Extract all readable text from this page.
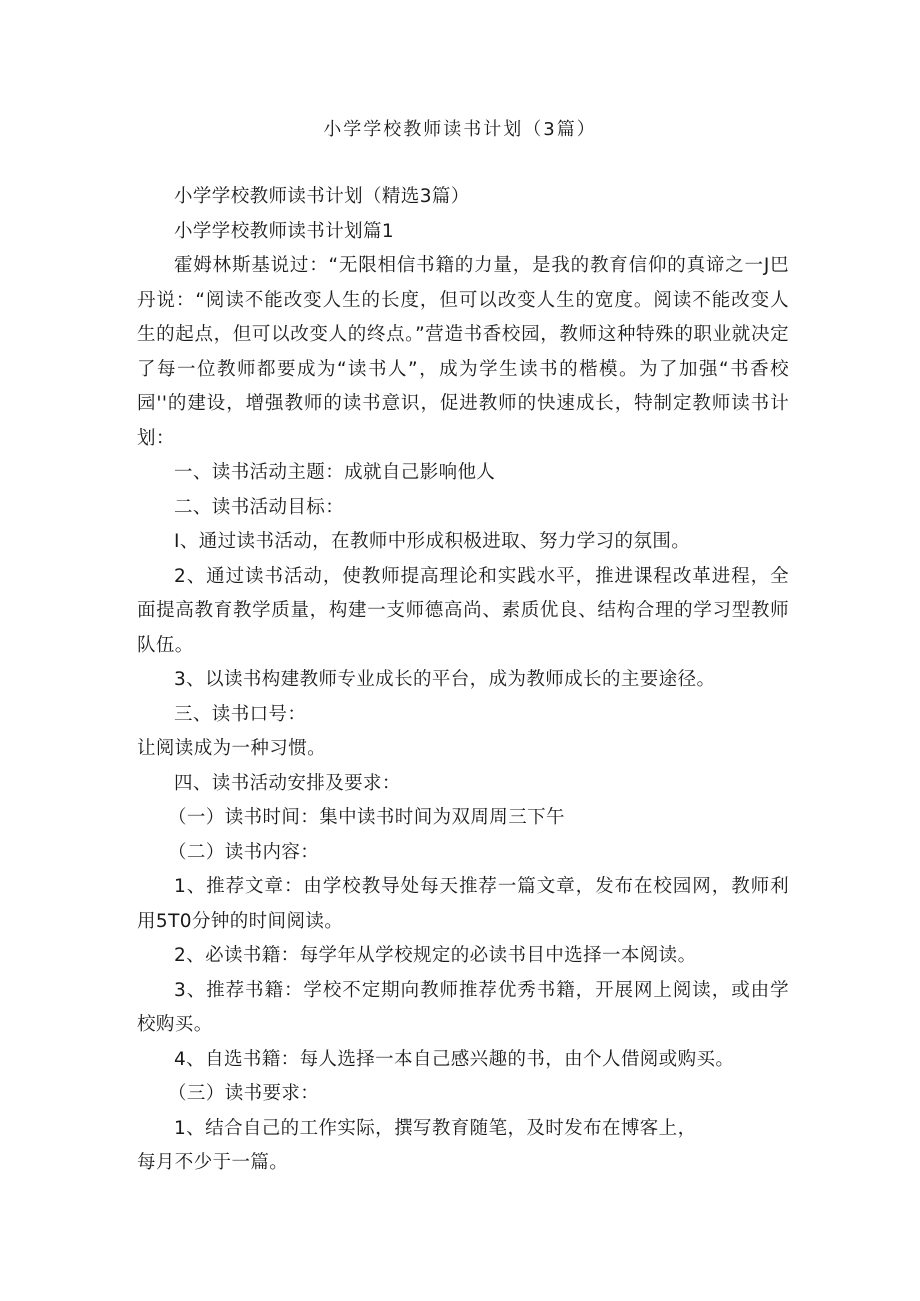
小学学校教师读书计划（3篇）

小学学校教师读书计划（精选3篇）

小学学校教师读书计划篇1

霍姆林斯基说过：“无限相信书籍的力量，是我的教育信仰的真谛之一J巴丹说：“阅读不能改变人生的长度，但可以改变人生的宽度。阅读不能改变人生的起点，但可以改变人的终点。”营造书香校园，教师这种特殊的职业就决定了每一位教师都要成为“读书人”，成为学生读书的楷模。为了加强“书香校园''的建设，增强教师的读书意识，促进教师的快速成长，特制定教师读书计划：

一、读书活动主题：成就自己影响他人

二、读书活动目标：

I、通过读书活动，在教师中形成积极进取、努力学习的氛围。

2、通过读书活动，使教师提高理论和实践水平，推进课程改革进程，全面提高教育教学质量，构建一支师德高尚、素质优良、结构合理的学习型教师队伍。

3、以读书构建教师专业成长的平台，成为教师成长的主要途径。

三、读书口号：

让阅读成为一种习惯。

四、读书活动安排及要求：

（一）读书时间：集中读书时间为双周周三下午

（二）读书内容：

1、推荐文章：由学校教导处每天推荐一篇文章，发布在校园网，教师利用5T0分钟的时间阅读。

2、必读书籍：每学年从学校规定的必读书目中选择一本阅读。

3、推荐书籍：学校不定期向教师推荐优秀书籍，开展网上阅读，或由学校购买。

4、自选书籍：每人选择一本自己感兴趣的书，由个人借阅或购买。

（三）读书要求：

1、结合自己的工作实际，撰写教育随笔，及时发布在博客上，

每月不少于一篇。
